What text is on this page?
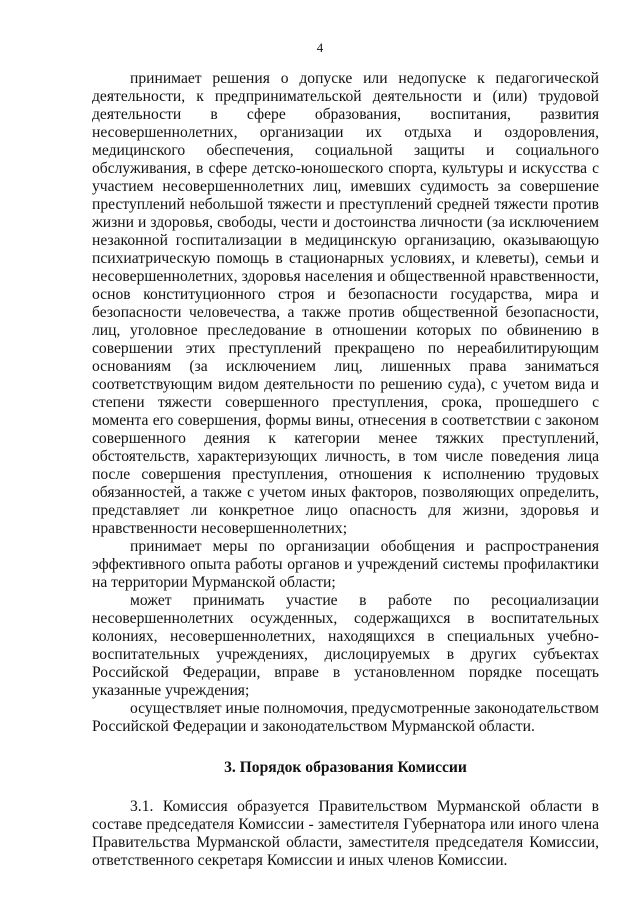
4

принимает решения о допуске или недопуске к педагогической деятельности, к предпринимательской деятельности и (или) трудовой деятельности в сфере образования, воспитания, развития несовершеннолетних, организации их отдыха и оздоровления, медицинского обеспечения, социальной защиты и социального обслуживания, в сфере детско-юношеского спорта, культуры и искусства с участием несовершеннолетних лиц, имевших судимость за совершение преступлений небольшой тяжести и преступлений средней тяжести против жизни и здоровья, свободы, чести и достоинства личности (за исключением незаконной госпитализации в медицинскую организацию, оказывающую психиатрическую помощь в стационарных условиях, и клеветы), семьи и несовершеннолетних, здоровья населения и общественной нравственности, основ конституционного строя и безопасности государства, мира и безопасности человечества, а также против общественной безопасности, лиц, уголовное преследование в отношении которых по обвинению в совершении этих преступлений прекращено по нереабилитирующим основаниям (за исключением лиц, лишенных права заниматься соответствующим видом деятельности по решению суда), с учетом вида и степени тяжести совершенного преступления, срока, прошедшего с момента его совершения, формы вины, отнесения в соответствии с законом совершенного деяния к категории менее тяжких преступлений, обстоятельств, характеризующих личность, в том числе поведения лица после совершения преступления, отношения к исполнению трудовых обязанностей, а также с учетом иных факторов, позволяющих определить, представляет ли конкретное лицо опасность для жизни, здоровья и нравственности несовершеннолетних;

принимает меры по организации обобщения и распространения эффективного опыта работы органов и учреждений системы профилактики на территории Мурманской области;

может принимать участие в работе по ресоциализации несовершеннолетних осужденных, содержащихся в воспитательных колониях, несовершеннолетних, находящихся в специальных учебно-воспитательных учреждениях, дислоцируемых в других субъектах Российской Федерации, вправе в установленном порядке посещать указанные учреждения;

осуществляет иные полномочия, предусмотренные законодательством Российской Федерации и законодательством Мурманской области.

3. Порядок образования Комиссии

3.1. Комиссия образуется Правительством Мурманской области в составе председателя Комиссии - заместителя Губернатора или иного члена Правительства Мурманской области, заместителя председателя Комиссии, ответственного секретаря Комиссии и иных членов Комиссии.
